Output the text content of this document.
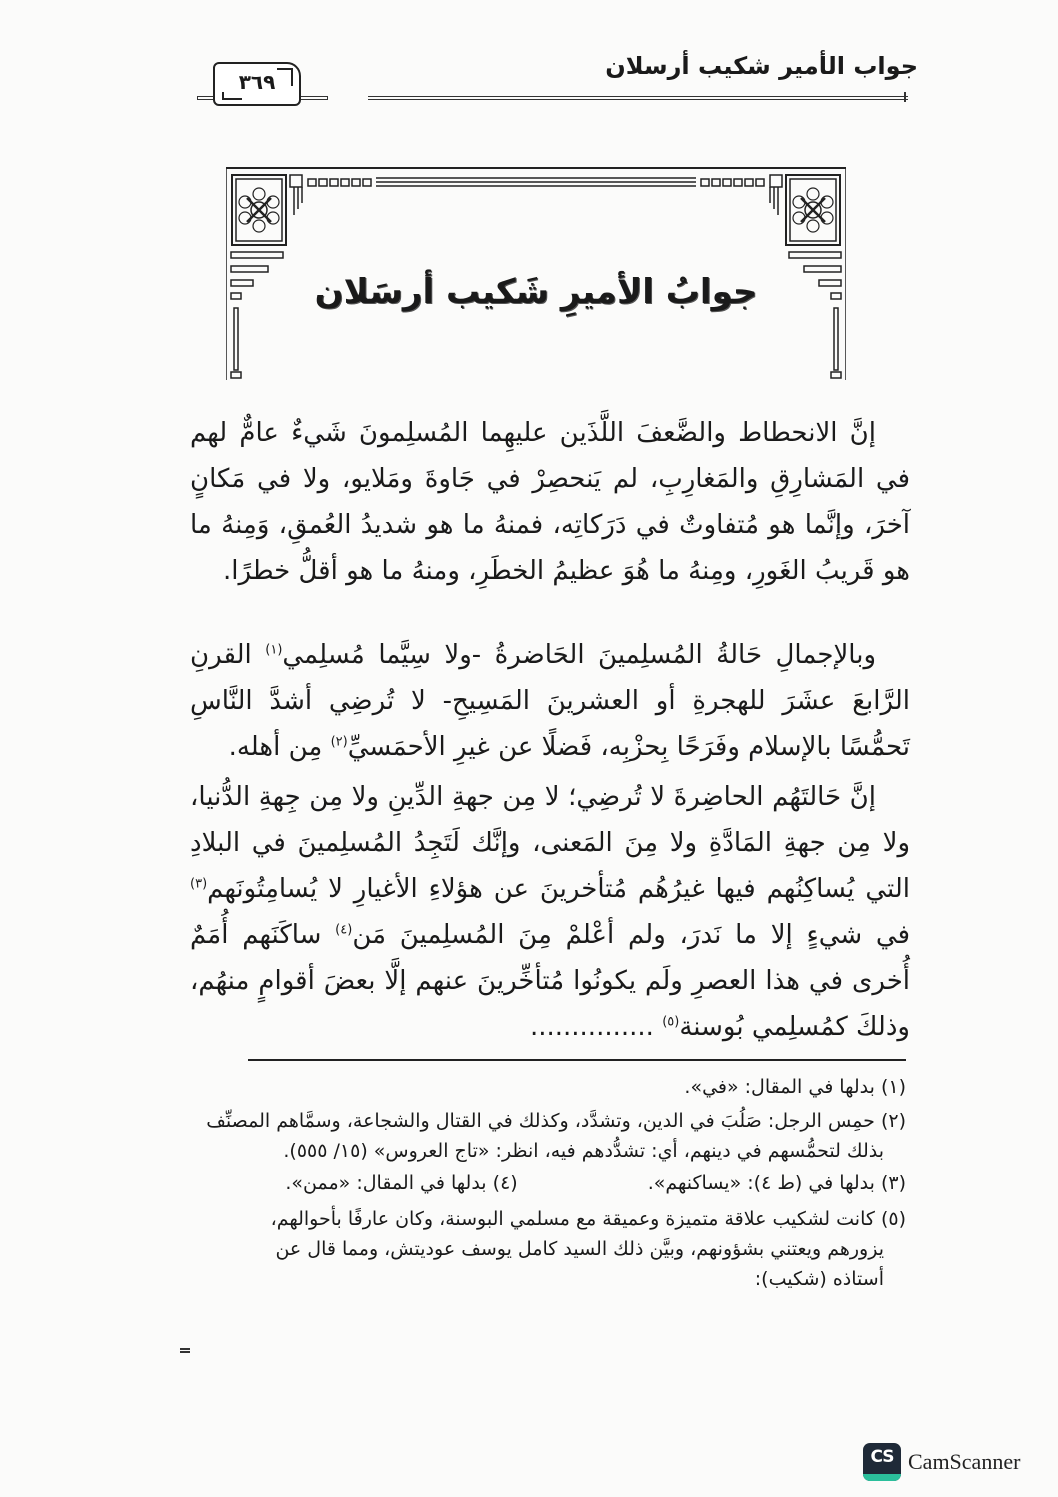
جواب الأمير شكيب أرسلان
٣٦٩
جوابُ الأميرِ شَكيب أرسَلان
إنَّ الانحطاط والضَّعفَ اللَّذَين عليهِما المُسلِمونَ شَيءٌ عامٌّ لهم في المَشارِقِ والمَغارِبِ، لم يَنحصِرْ في جَاوةَ ومَلايو، ولا في مَكانٍ آخرَ، وإنَّما هو مُتفاوتٌ في دَرَكاتِه، فمنهُ ما هو شديدُ العُمقِ، وَمِنهُ ما هو قَريبُ الغَورِ، ومِنهُ ما هُوَ عظيمُ الخطَرِ، ومنهُ ما هو أقلُّ خطرًا.
وبالإجمالِ حَالةُ المُسلِمينَ الحَاضرةُ -ولا سِيَّما مُسلِمي$^{(١)}$ القرنِ الرَّابعَ عشَرَ للهجرةِ أو العشرينَ المَسِيحِ- لا تُرضِي أشدَّ النَّاسِ تَحمُّسًا بالإسلام وفَرَحًا بِحزْبِه، فَضلًا عن غيرِ الأحمَسيِّ$^{(٢)}$ مِن أهله.
إنَّ حَالتَهُم الحاضِرةَ لا تُرضِي؛ لا مِن جهةِ الدِّينِ ولا مِن جِهةِ الدُّنيا، ولا مِن جهةِ المَادَّةِ ولا مِنَ المَعنى، وإنَّك لَتَجِدُ المُسلِمينَ في البلادِ التي يُساكِنُهم فيها غيرُهُم مُتأخرينَ عن هؤلاءِ الأغيارِ لا يُسامِتُونَهم$^{(٣)}$ في شيءٍ إلا ما نَدرَ، ولم أعْلمْ مِنَ المُسلِمينَ مَن$^{(٤)}$ ساكَنَهم أُمَمٌ أُخرى في هذا العصرِ ولَم يكونُوا مُتأخِّرينَ عنهم إلَّا بعضَ أقوامٍ منهُم، وذلكَ كمُسلِمي بُوسنة$^{(٥)}$ ...............
(١) بدلها في المقال: «في».
(٢) حمِس الرجل: صَلُبَ في الدين، وتشدَّد، وكذلك في القتال والشجاعة، وسمَّاهم المصنِّف
بذلك لتحمُّسهم في دينهم، أي: تشدُّدهم فيه، انظر: «تاج العروس» (١٥/ ٥٥٥).
(٣) بدلها في (ط ٤): «يساكنهم».
(٤) بدلها في المقال: «ممن».
(٥) كانت لشكيب علاقة متميزة وعميقة مع مسلمي البوسنة، وكان عارفًا بأحوالهم،
يزورهم ويعتني بشؤونهم، وبيَّن ذلك السيد كامل يوسف عوديتش، ومما قال عن
أستاذه (شكيب):
CS CamScanner
